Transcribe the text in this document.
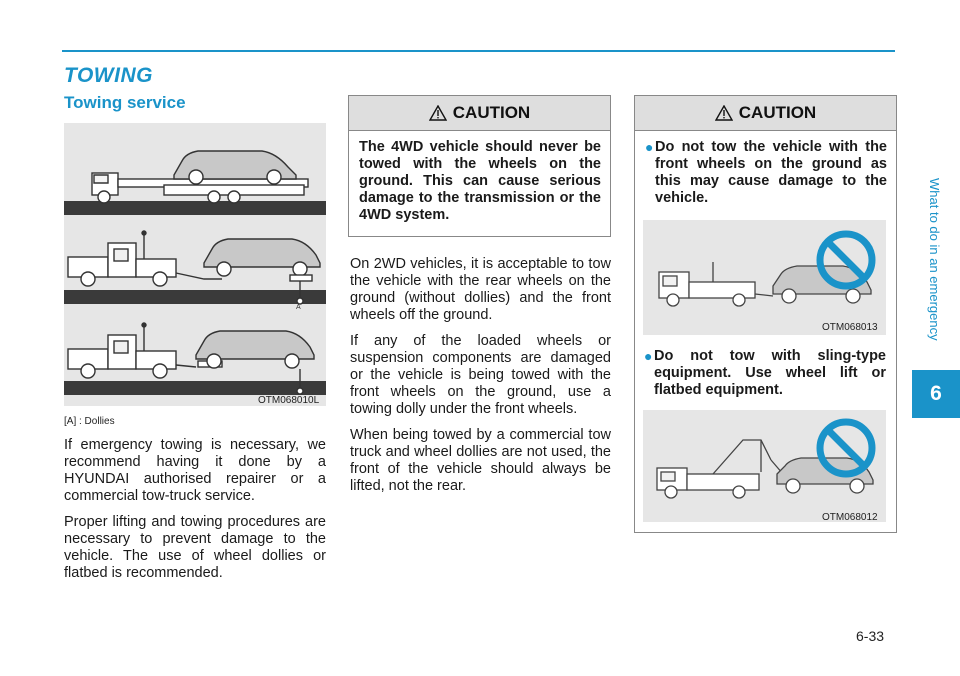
TOWING
Towing service
What to do in an emergency
6
6-33
A
OTM068010L
[A] : Dollies

If emergency towing is necessary, we recommend having it done by a HYUNDAI authorised repairer or a commercial tow-truck service.

Proper lifting and towing procedures are necessary to prevent damage to the vehicle. The use of wheel dollies or flatbed is recommended.

CAUTION
The 4WD vehicle should never be towed with the wheels on the ground. This can cause serious damage to the transmission or the 4WD system.

On 2WD vehicles, it is acceptable to tow the vehicle with the rear wheels on the ground (without dollies) and the front wheels off the ground.

If any of the loaded wheels or suspension components are damaged or the vehicle is being towed with the front wheels on the ground, use a towing dolly under the front wheels.

When being towed by a commercial tow truck and wheel dollies are not used, the front of the vehicle should always be lifted, not the rear.

CAUTION
● Do not tow the vehicle with the front wheels on the ground as this may cause damage to the vehicle.
OTM068013
● Do not tow with sling-type equipment. Use wheel lift or flatbed equipment.
OTM068012
